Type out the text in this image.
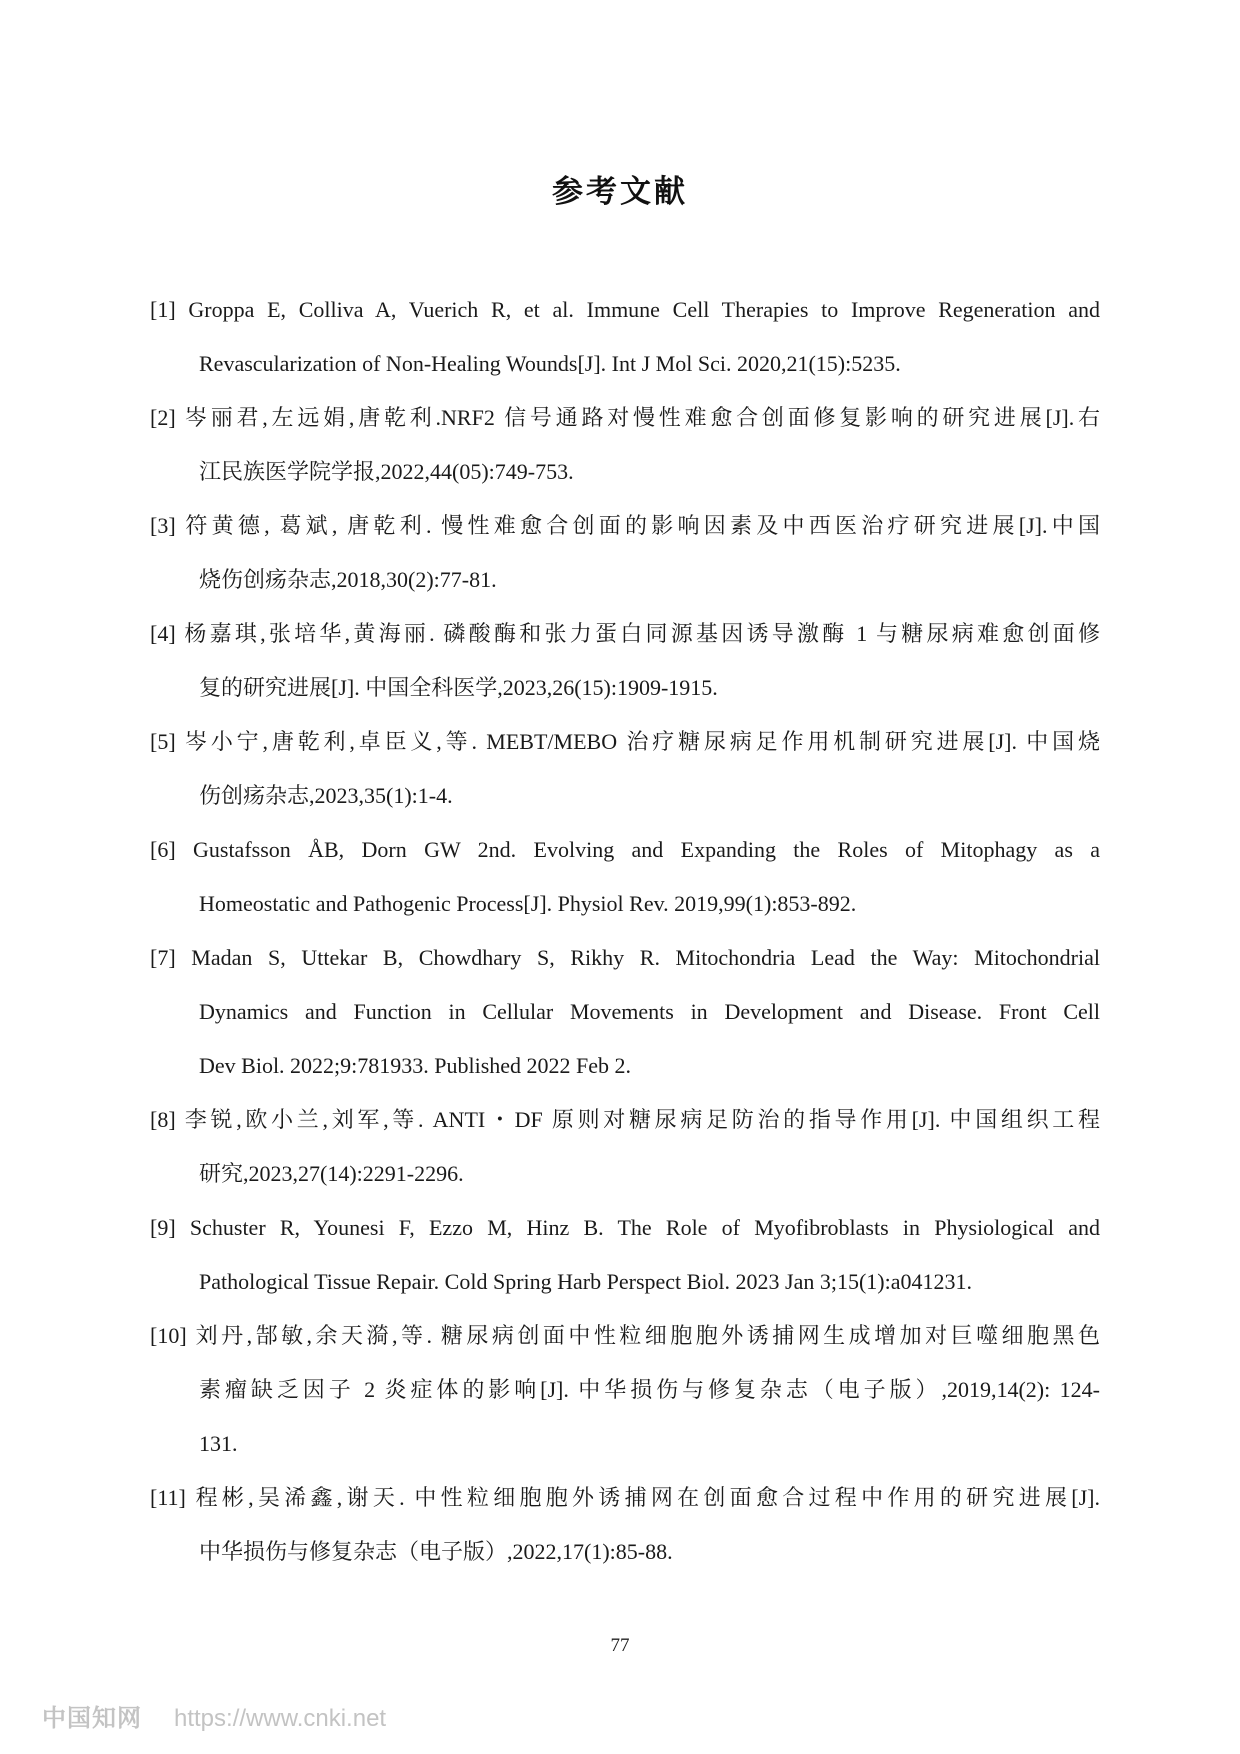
参考文献
[1] Groppa E, Colliva A, Vuerich R, et al. Immune Cell Therapies to Improve Regeneration and
Revascularization of Non-Healing Wounds[J]. Int J Mol Sci. 2020,21(15):5235.
[2] 岑丽君,左远娟,唐乾利.NRF2 信号通路对慢性难愈合创面修复影响的研究进展[J].右
江民族医学院学报,2022,44(05):749-753.
[3] 符黄德, 葛斌, 唐乾利. 慢性难愈合创面的影响因素及中西医治疗研究进展[J].中国
烧伤创疡杂志,2018,30(2):77-81.
[4] 杨嘉琪,张培华,黄海丽. 磷酸酶和张力蛋白同源基因诱导激酶 1 与糖尿病难愈创面修
复的研究进展[J]. 中国全科医学,2023,26(15):1909-1915.
[5] 岑小宁,唐乾利,卓臣义,等. MEBT/MEBO 治疗糖尿病足作用机制研究进展[J]. 中国烧
伤创疡杂志,2023,35(1):1-4.
[6] Gustafsson ÅB, Dorn GW 2nd. Evolving and Expanding the Roles of Mitophagy as a
Homeostatic and Pathogenic Process[J]. Physiol Rev. 2019,99(1):853-892.
[7] Madan S, Uttekar B, Chowdhary S, Rikhy R. Mitochondria Lead the Way: Mitochondrial
Dynamics and Function in Cellular Movements in Development and Disease. Front Cell
Dev Biol. 2022;9:781933. Published 2022 Feb 2.
[8] 李锐,欧小兰,刘军,等. ANTI・DF 原则对糖尿病足防治的指导作用[J]. 中国组织工程
研究,2023,27(14):2291-2296.
[9] Schuster R, Younesi F, Ezzo M, Hinz B. The Role of Myofibroblasts in Physiological and
Pathological Tissue Repair. Cold Spring Harb Perspect Biol. 2023 Jan 3;15(1):a041231.
[10] 刘丹,郜敏,余天漪,等. 糖尿病创面中性粒细胞胞外诱捕网生成增加对巨噬细胞黑色
素瘤缺乏因子 2 炎症体的影响[J]. 中华损伤与修复杂志（电子版）,2019,14(2): 124-
131.
[11] 程彬,吴浠鑫,谢天. 中性粒细胞胞外诱捕网在创面愈合过程中作用的研究进展[J].
中华损伤与修复杂志（电子版）,2022,17(1):85-88.
77
中国知网 https://www.cnki.net
